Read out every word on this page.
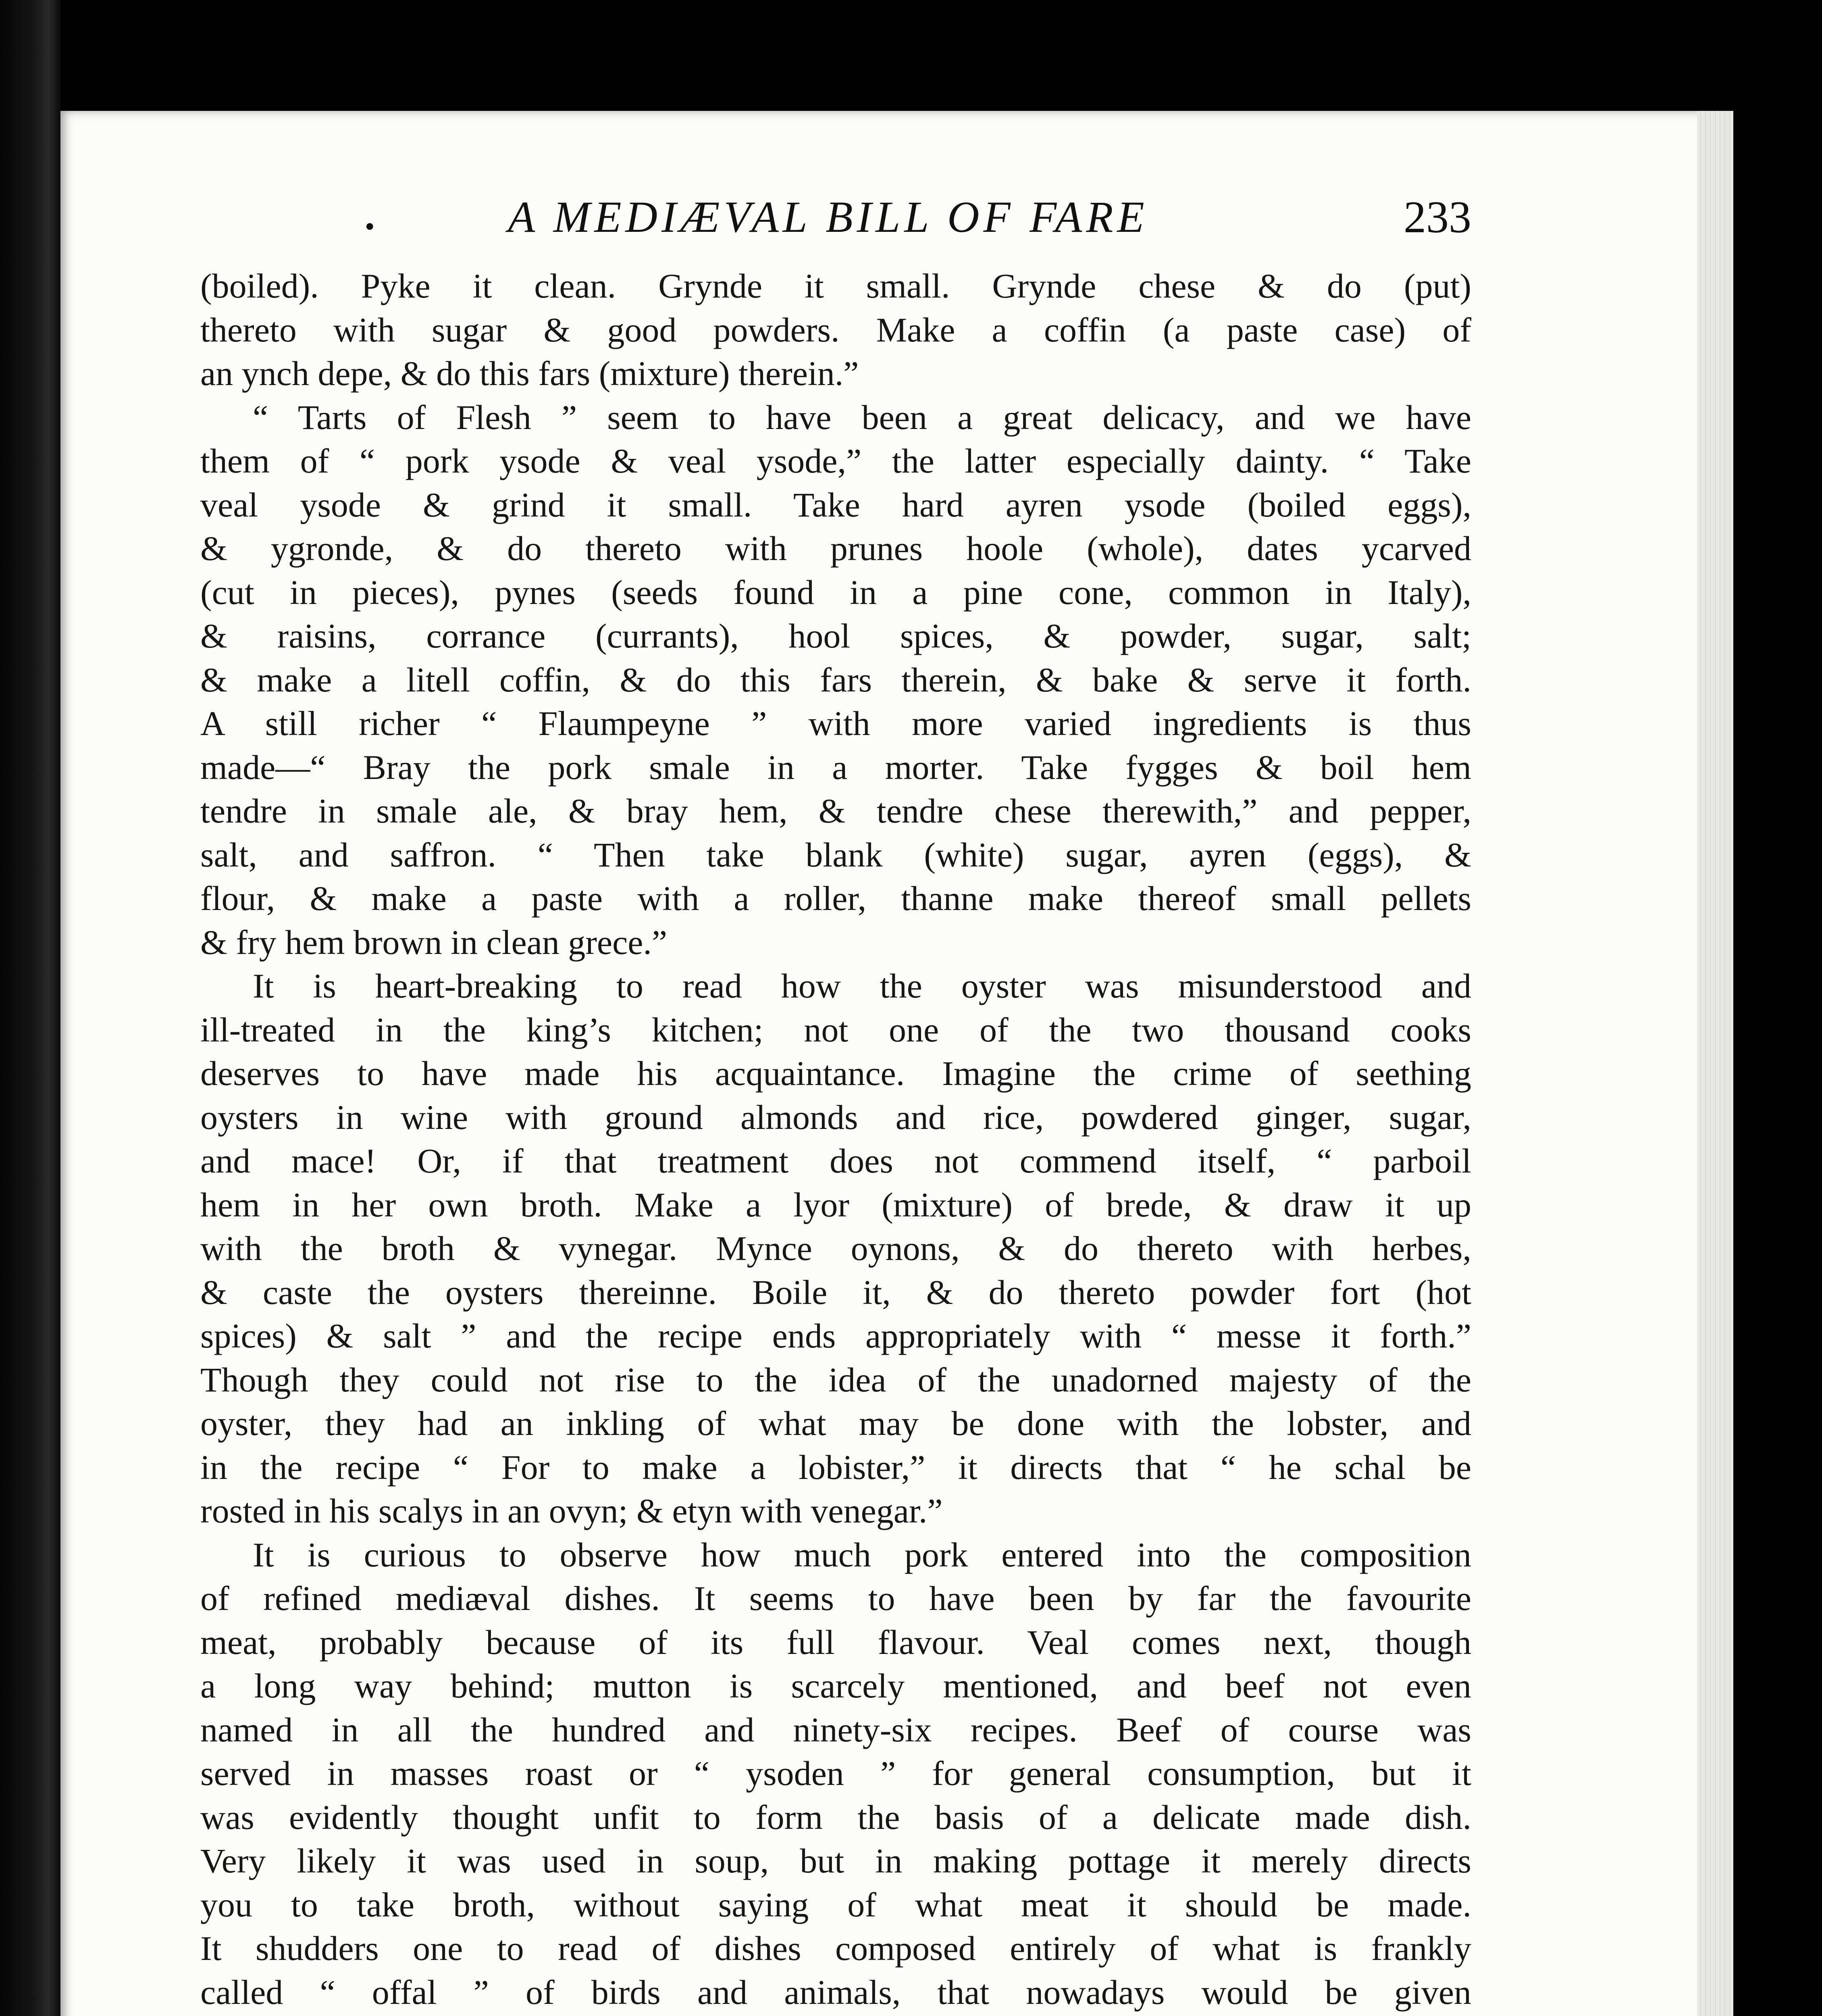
•	A MEDIÆVAL BILL OF FARE	233
(boiled). Pyke it clean. Grynde it small. Grynde chese & do (put)
thereto with sugar & good powders. Make a coffin (a paste case) of
an ynch depe, & do this fars (mixture) therein.”
“ Tarts of Flesh ” seem to have been a great delicacy, and we have
them of “ pork ysode & veal ysode,” the latter especially dainty. “ Take
veal ysode & grind it small. Take hard ayren ysode (boiled eggs),
& ygronde, & do thereto with prunes hoole (whole), dates ycarved
(cut in pieces), pynes (seeds found in a pine cone, common in Italy),
& raisins, corrance (currants), hool spices, & powder, sugar, salt;
& make a litell coffin, & do this fars therein, & bake & serve it forth.
A still richer “ Flaumpeyne ” with more varied ingredients is thus
made—“ Bray the pork smale in a morter. Take fygges & boil hem
tendre in smale ale, & bray hem, & tendre chese therewith,” and pepper,
salt, and saffron. “ Then take blank (white) sugar, ayren (eggs), &
flour, & make a paste with a roller, thanne make thereof small pellets
& fry hem brown in clean grece.”
It is heart-breaking to read how the oyster was misunderstood and
ill-treated in the king’s kitchen; not one of the two thousand cooks
deserves to have made his acquaintance. Imagine the crime of seething
oysters in wine with ground almonds and rice, powdered ginger, sugar,
and mace! Or, if that treatment does not commend itself, “ parboil
hem in her own broth. Make a lyor (mixture) of brede, & draw it up
with the broth & vynegar. Mynce oynons, & do thereto with herbes,
& caste the oysters thereinne. Boile it, & do thereto powder fort (hot
spices) & salt ” and the recipe ends appropriately with “ messe it forth.”
Though they could not rise to the idea of the unadorned majesty of the
oyster, they had an inkling of what may be done with the lobster, and
in the recipe “ For to make a lobister,” it directs that “ he schal be
rosted in his scalys in an ovyn; & etyn with venegar.”
It is curious to observe how much pork entered into the composition
of refined mediæval dishes. It seems to have been by far the favourite
meat, probably because of its full flavour. Veal comes next, though
a long way behind; mutton is scarcely mentioned, and beef not even
named in all the hundred and ninety-six recipes. Beef of course was
served in masses roast or “ ysoden ” for general consumption, but it
was evidently thought unfit to form the basis of a delicate made dish.
Very likely it was used in soup, but in making pottage it merely directs
you to take broth, without saying of what meat it should be made.
It shudders one to read of dishes composed entirely of what is frankly
called “ offal ” of birds and animals, that nowadays would be given
